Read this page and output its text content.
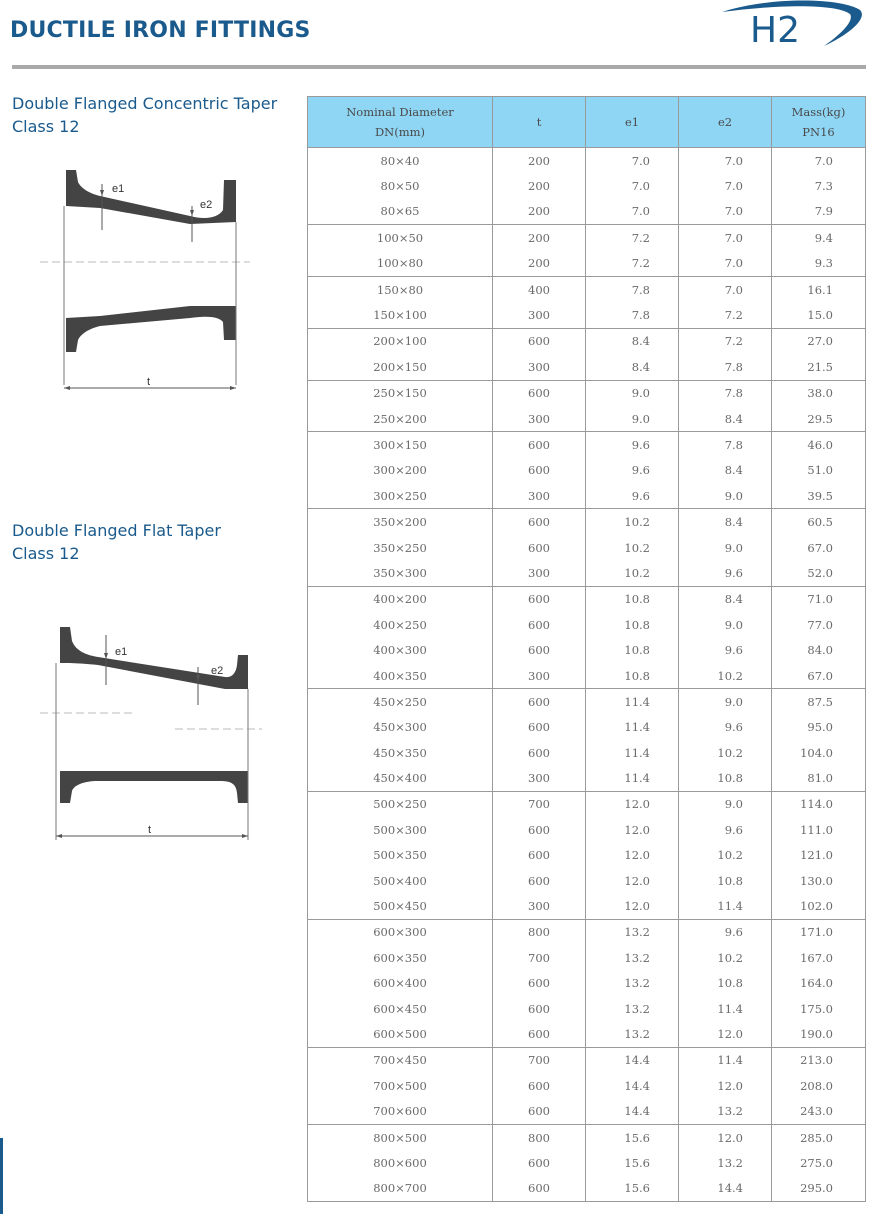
DUCTILE IRON FITTINGS	H2
Double Flanged Concentric Taper
Class 12
e1
e2
t
Double Flanged Flat Taper
Class 12
e1
e2
t
Nominal Diameter
DN(mm)	t	e1	e2	Mass(kg)
PN16
80×40	200	7.0	7.0	7.0
80×50	200	7.0	7.0	7.3
80×65	200	7.0	7.0	7.9
100×50	200	7.2	7.0	9.4
100×80	200	7.2	7.0	9.3
150×80	400	7.8	7.0	16.1
150×100	300	7.8	7.2	15.0
200×100	600	8.4	7.2	27.0
200×150	300	8.4	7.8	21.5
250×150	600	9.0	7.8	38.0
250×200	300	9.0	8.4	29.5
300×150	600	9.6	7.8	46.0
300×200	600	9.6	8.4	51.0
300×250	300	9.6	9.0	39.5
350×200	600	10.2	8.4	60.5
350×250	600	10.2	9.0	67.0
350×300	300	10.2	9.6	52.0
400×200	600	10.8	8.4	71.0
400×250	600	10.8	9.0	77.0
400×300	600	10.8	9.6	84.0
400×350	300	10.8	10.2	67.0
450×250	600	11.4	9.0	87.5
450×300	600	11.4	9.6	95.0
450×350	600	11.4	10.2	104.0
450×400	300	11.4	10.8	81.0
500×250	700	12.0	9.0	114.0
500×300	600	12.0	9.6	111.0
500×350	600	12.0	10.2	121.0
500×400	600	12.0	10.8	130.0
500×450	300	12.0	11.4	102.0
600×300	800	13.2	9.6	171.0
600×350	700	13.2	10.2	167.0
600×400	600	13.2	10.8	164.0
600×450	600	13.2	11.4	175.0
600×500	600	13.2	12.0	190.0
700×450	700	14.4	11.4	213.0
700×500	600	14.4	12.0	208.0
700×600	600	14.4	13.2	243.0
800×500	800	15.6	12.0	285.0
800×600	600	15.6	13.2	275.0
800×700	600	15.6	14.4	295.0
